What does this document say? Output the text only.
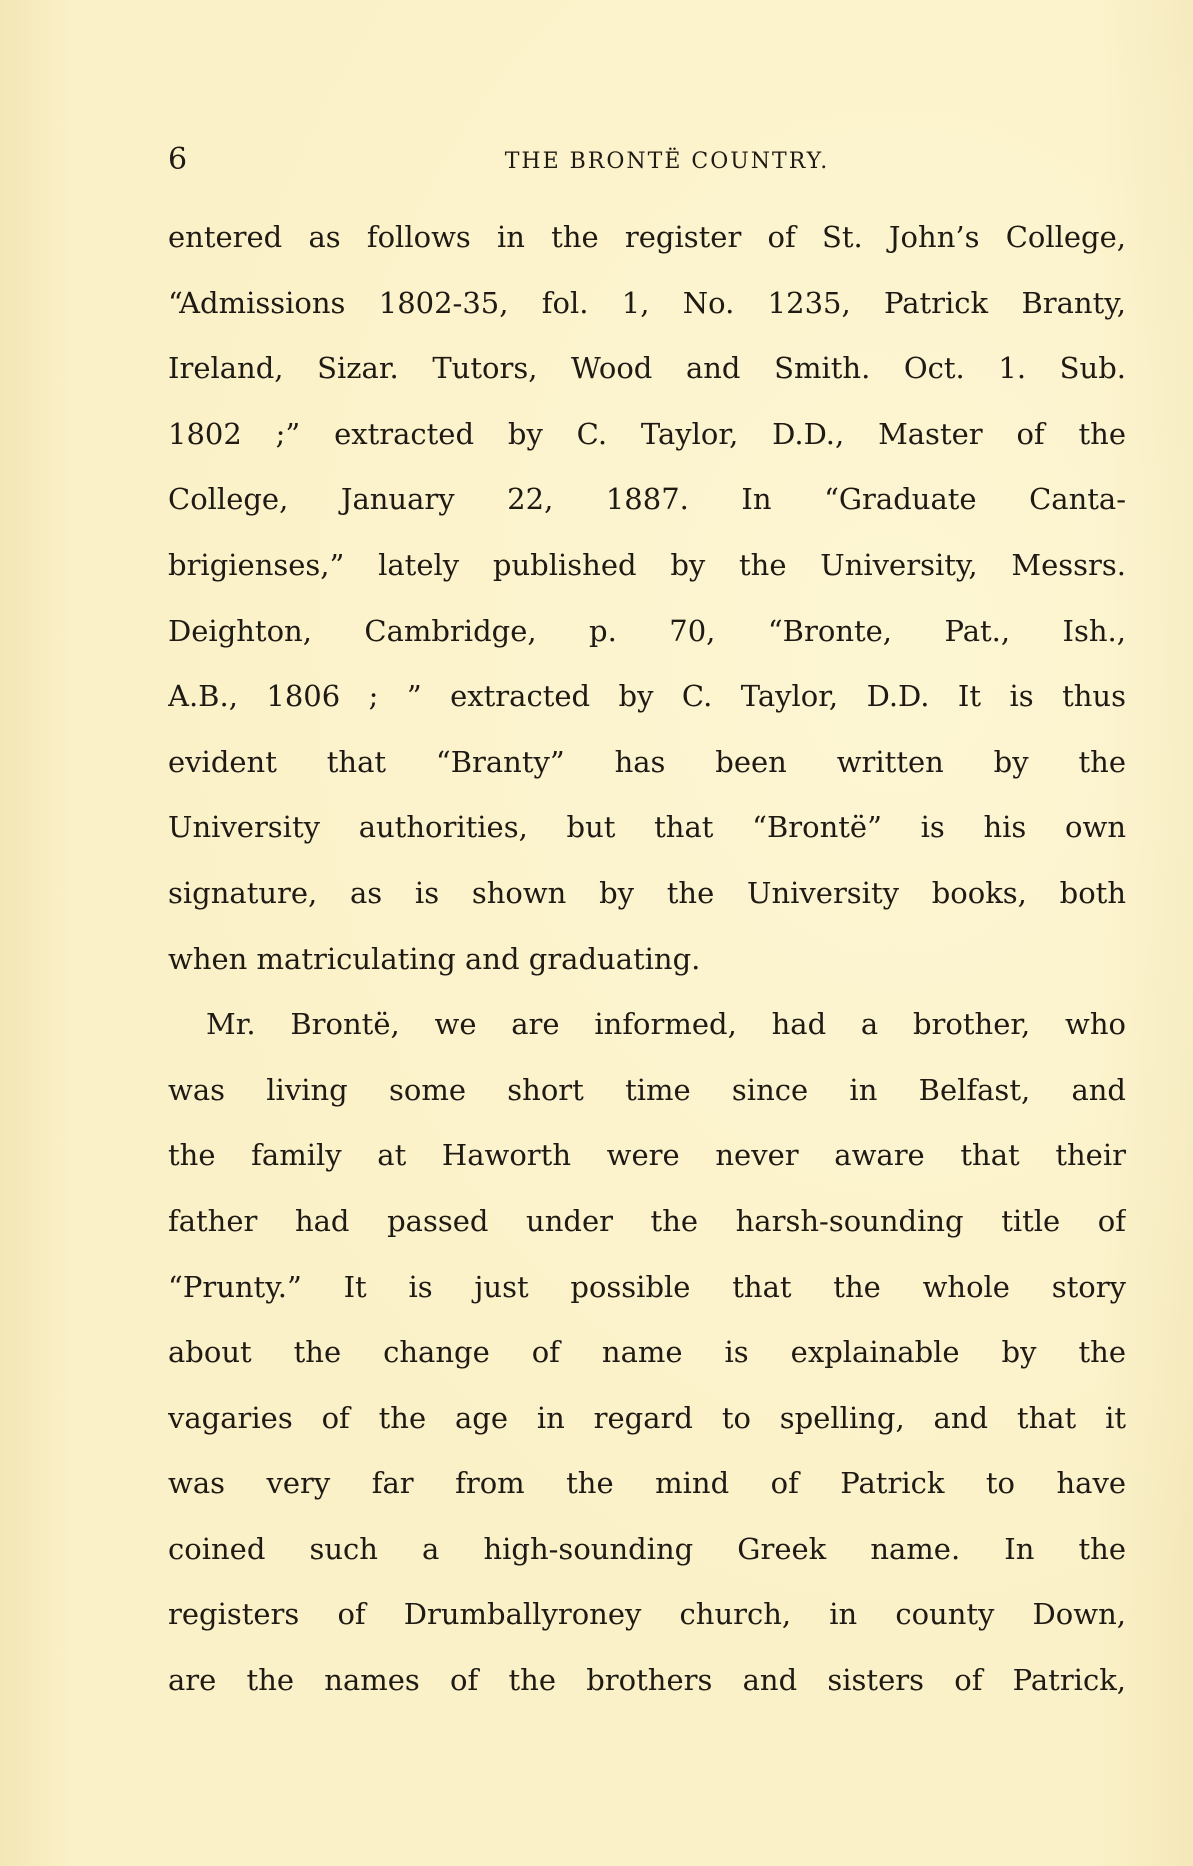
6	THE BRONTË COUNTRY.
entered as follows in the register of St. John’s College,
“Admissions 1802-35, fol. 1, No. 1235, Patrick Branty,
Ireland, Sizar. Tutors, Wood and Smith. Oct. 1. Sub.
1802 ;” extracted by C. Taylor, D.D., Master of the
College, January 22, 1887. In “Graduate Canta-
brigienses,” lately published by the University, Messrs.
Deighton, Cambridge, p. 70, “Bronte, Pat., Ish.,
A.B., 1806 ; ” extracted by C. Taylor, D.D. It is thus
evident that “Branty” has been written by the
University authorities, but that “Brontë” is his own
signature, as is shown by the University books, both
when matriculating and graduating.
Mr. Brontë, we are informed, had a brother, who
was living some short time since in Belfast, and
the family at Haworth were never aware that their
father had passed under the harsh-sounding title of
“Prunty.” It is just possible that the whole story
about the change of name is explainable by the
vagaries of the age in regard to spelling, and that it
was very far from the mind of Patrick to have
coined such a high-sounding Greek name. In the
registers of Drumballyroney church, in county Down,
are the names of the brothers and sisters of Patrick,
